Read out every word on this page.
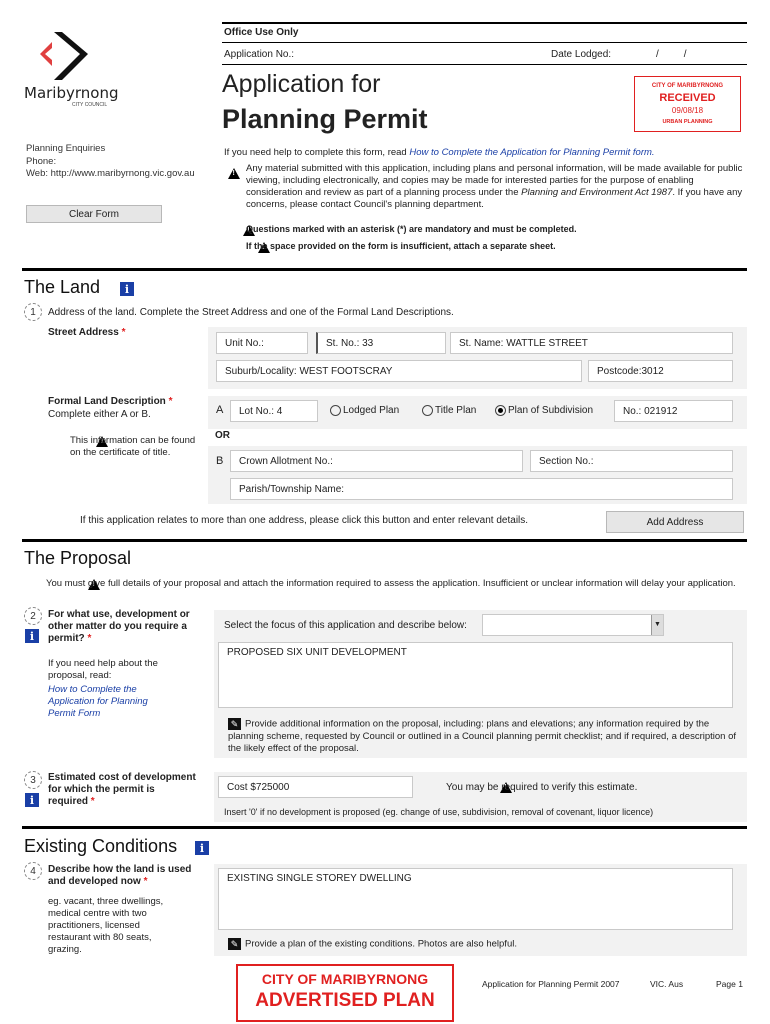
Maribyrnong
CITY COUNCIL
Office Use Only
Application No.:	Date Lodged:	/         /
Application for
Planning Permit
CITY OF MARIBYRNONG
RECEIVED
09/08/18
URBAN PLANNING
Planning Enquiries
Phone:
Web: http://www.maribyrnong.vic.gov.au
Clear Form
If you need help to complete this form, read How to Complete the Application for Planning Permit form.
!
Any material submitted with this application, including plans and personal information, will be made available for public viewing, including electronically, and copies may be made for interested parties for the purpose of enabling consideration and review as part of a planning process under the Planning and Environment Act 1987. If you have any concerns, please contact Council's planning department.
!
Questions marked with an asterisk (*) are mandatory and must be completed.
!
If the space provided on the form is insufficient, attach a separate sheet.
The Land	i
1	Address of the land. Complete the Street Address and one of the Formal Land Descriptions.
Street Address *
Unit No.:	St. No.: 33	St. Name: WATTLE STREET
Suburb/Locality: WEST FOOTSCRAY	Postcode:3012
Formal Land Description *
Complete either A or B.
!
This information can be found on the certificate of title.
A	Lot No.: 4	Lodged Plan	Title Plan	Plan of Subdivision	No.: 021912
OR
B	Crown Allotment No.:	Section No.:
Parish/Township Name:
If this application relates to more than one address, please click this button and enter relevant details.	Add Address
The Proposal
!
You must give full details of your proposal and attach the information required to assess the application. Insufficient or unclear information will delay your application.
2
i
For what use, development or other matter do you require a permit? *
If you need help about the proposal, read:
How to Complete the Application for Planning Permit Form
Select the focus of this application and describe below:	▼
PROPOSED SIX UNIT DEVELOPMENT
✎ Provide additional information on the proposal, including: plans and elevations; any information required by the planning scheme, requested by Council or outlined in a Council planning permit checklist; and if required, a description of the likely effect of the proposal.
3
i
Estimated cost of development for which the permit is required *
Cost $725000
!	You may be required to verify this estimate.
Insert '0' if no development is proposed (eg. change of use, subdivision, removal of covenant, liquor licence)
Existing Conditions	i
4	Describe how the land is used and developed now *
eg. vacant, three dwellings, medical centre with two practitioners, licensed restaurant with 80 seats, grazing.
EXISTING SINGLE STOREY DWELLING
✎ Provide a plan of the existing conditions. Photos are also helpful.
CITY OF MARIBYRNONG
ADVERTISED PLAN
Application for Planning Permit 2007	VIC. Aus	Page 1
